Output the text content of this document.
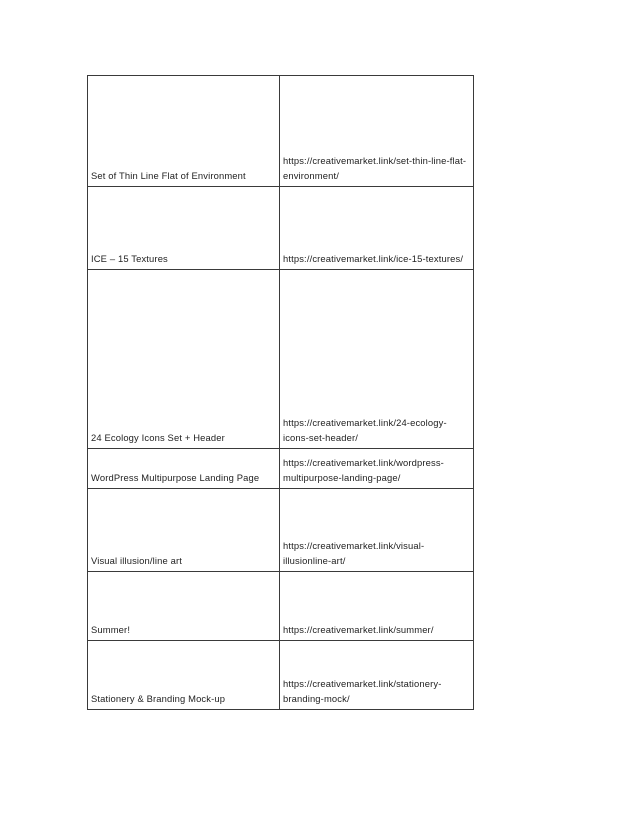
Set of Thin Line Flat of Environment	https://creativemarket.link/set-thin-line-flat-
environment/

ICE – 15 Textures	https://creativemarket.link/ice-15-textures/

24 Ecology Icons Set + Header	https://creativemarket.link/24-ecology-
icons-set-header/

WordPress Multipurpose Landing Page	https://creativemarket.link/wordpress-
multipurpose-landing-page/

Visual illusion/line art	https://creativemarket.link/visual-
illusionline-art/

Summer!	https://creativemarket.link/summer/

Stationery & Branding Mock-up	https://creativemarket.link/stationery-
branding-mock/
